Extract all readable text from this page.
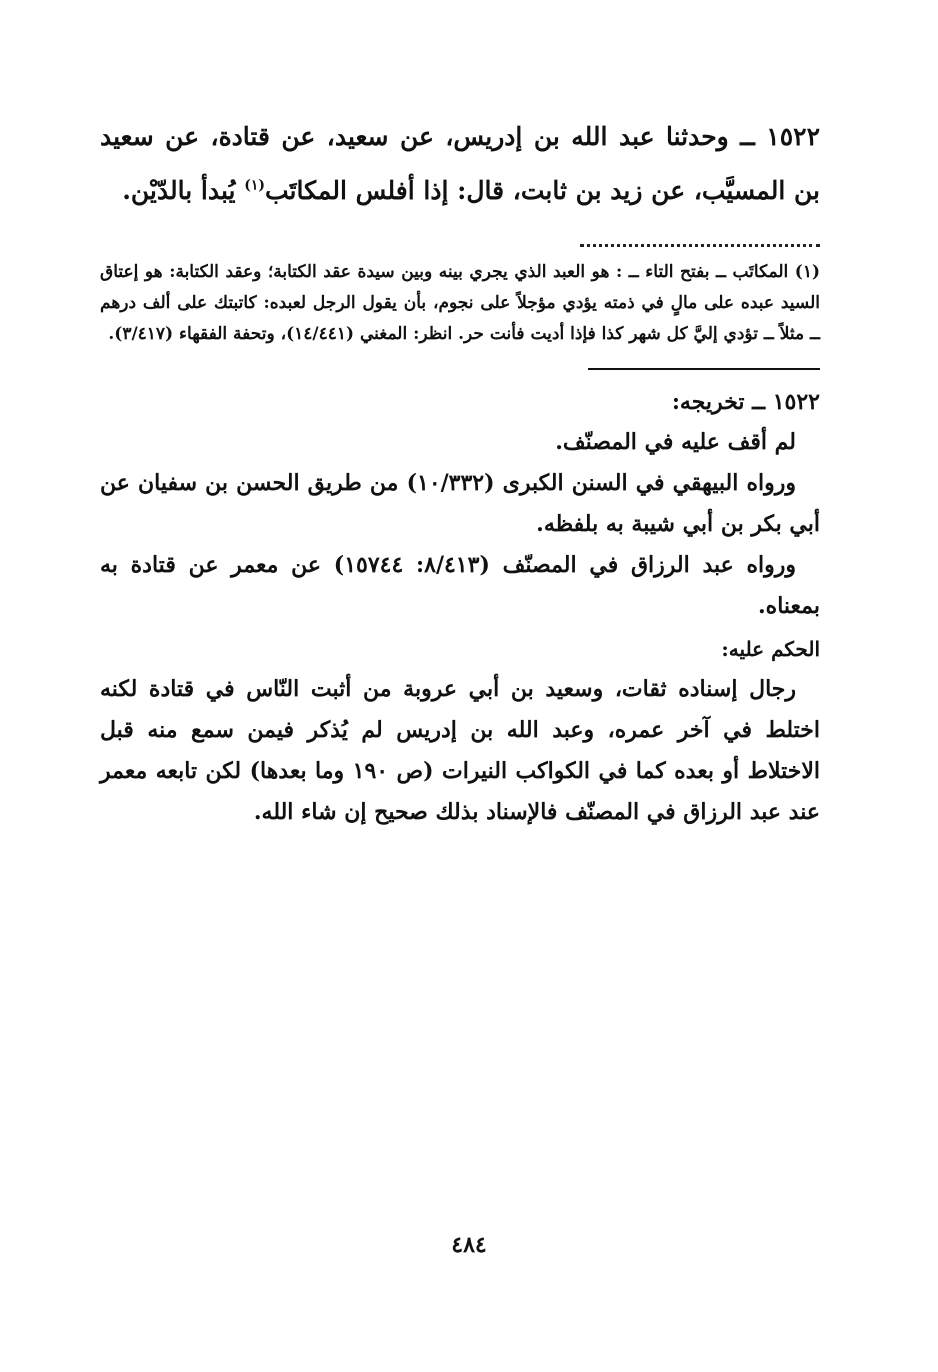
١٥٢٢ ــ وحدثنا عبد الله بن إدريس، عن سعيد، عن قتادة، عن سعيد بن المسيَّب، عن زيد بن ثابت، قال: إذا أفلس المكاتَب$^{(١)}$ يُبدأ بالدّيْن.

(١) المكاتَب ــ بفتح التاء ــ : هو العبد الذي يجري بينه وبين سيدة عقد الكتابة؛ وعقد الكتابة: هو إعتاق السيد عبده على مالٍ في ذمته يؤدي مؤجلاً على نجوم، بأن يقول الرجل لعبده: كاتبتك على ألف درهم ــ مثلاً ــ تؤدي إليَّ كل شهر كذا فإذا أديت فأنت حر. انظر: المغني (١٤/٤٤١)، وتحفة الفقهاء (٣/٤١٧).

١٥٢٢ ــ تخريجه:

لم أقف عليه في المصنّف.

ورواه البيهقي في السنن الكبرى (١٠/٣٣٢) من طريق الحسن بن سفيان عن أبي بكر بن أبي شيبة به بلفظه.

ورواه عبد الرزاق في المصنّف (٨/٤١٣: ١٥٧٤٤) عن معمر عن قتادة به بمعناه.

الحكم عليه:

رجال إسناده ثقات، وسعيد بن أبي عروبة من أثبت النّاس في قتادة لكنه اختلط في آخر عمره، وعبد الله بن إدريس لم يُذكر فيمن سمع منه قبل الاختلاط أو بعده كما في الكواكب النيرات (ص ١٩٠ وما بعدها) لكن تابعه معمر عند عبد الرزاق في المصنّف فالإسناد بذلك صحيح إن شاء الله.

٤٨٤
